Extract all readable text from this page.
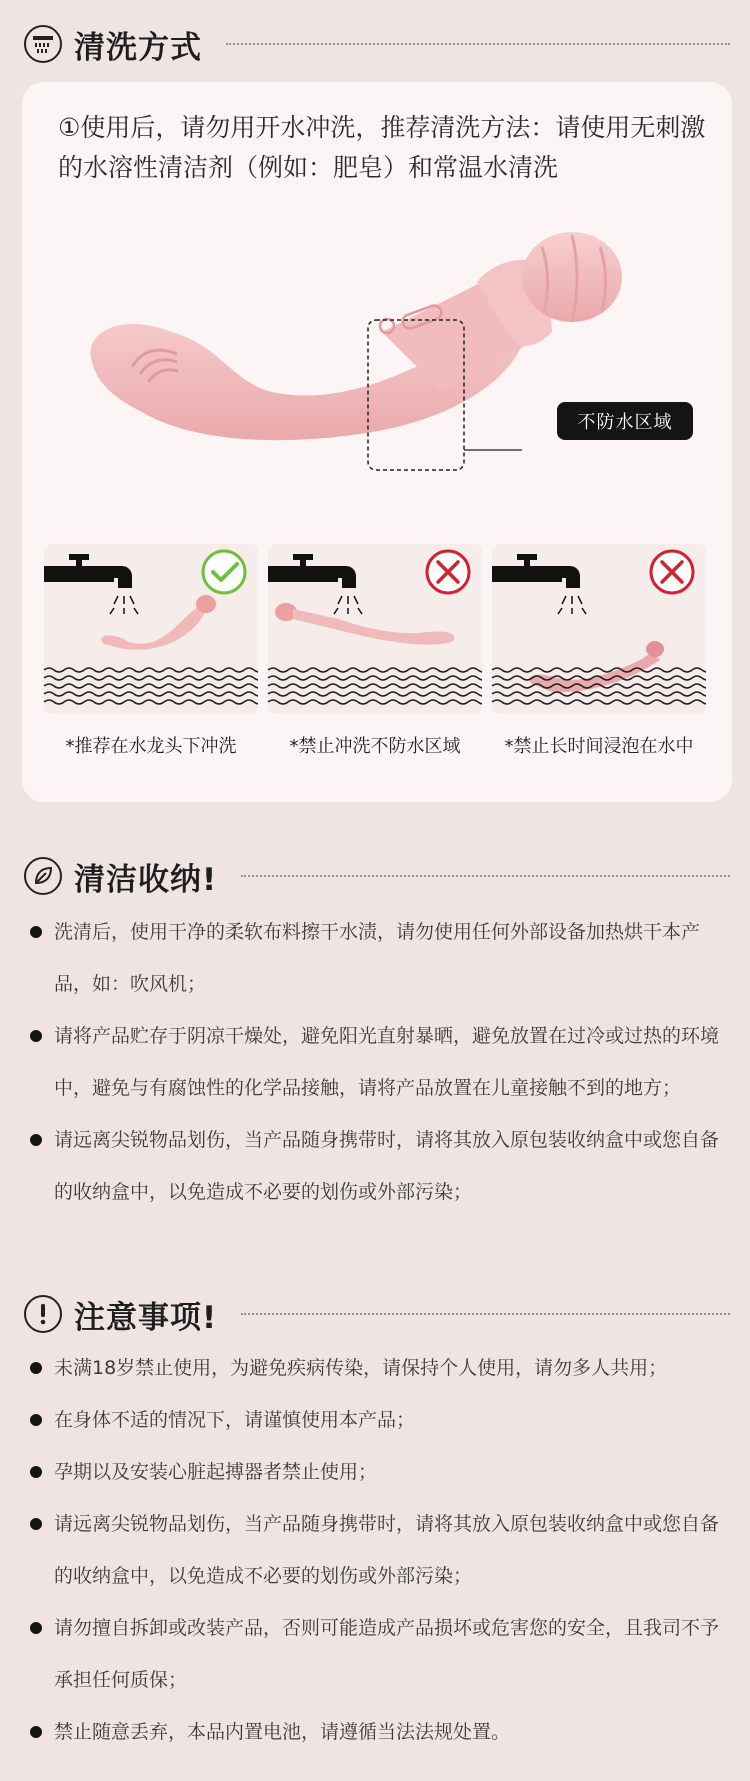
清洗方式

①使用后，请勿用开水冲洗，推荐清洗方法：请使用无刺激的水溶性清洁剂（例如：肥皂）和常温水清洗

不防水区域
*推荐在水龙头下冲洗	*禁止冲洗不防水区域	*禁止长时间浸泡在水中
清洁收纳!
洗清后，使用干净的柔软布料擦干水渍，请勿使用任何外部设备加热烘干本产品，如：吹风机；
请将产品贮存于阴凉干燥处，避免阳光直射暴晒，避免放置在过冷或过热的环境中，避免与有腐蚀性的化学品接触，请将产品放置在儿童接触不到的地方；
请远离尖锐物品划伤，当产品随身携带时，请将其放入原包装收纳盒中或您自备的收纳盒中，以免造成不必要的划伤或外部污染；
注意事项!
未满18岁禁止使用，为避免疾病传染，请保持个人使用，请勿多人共用；
在身体不适的情况下，请谨慎使用本产品；
孕期以及安装心脏起搏器者禁止使用；
请远离尖锐物品划伤，当产品随身携带时，请将其放入原包装收纳盒中或您自备的收纳盒中，以免造成不必要的划伤或外部污染；
请勿擅自拆卸或改装产品，否则可能造成产品损坏或危害您的安全，且我司不予承担任何质保；
禁止随意丢弃，本品内置电池，请遵循当法法规处置。
